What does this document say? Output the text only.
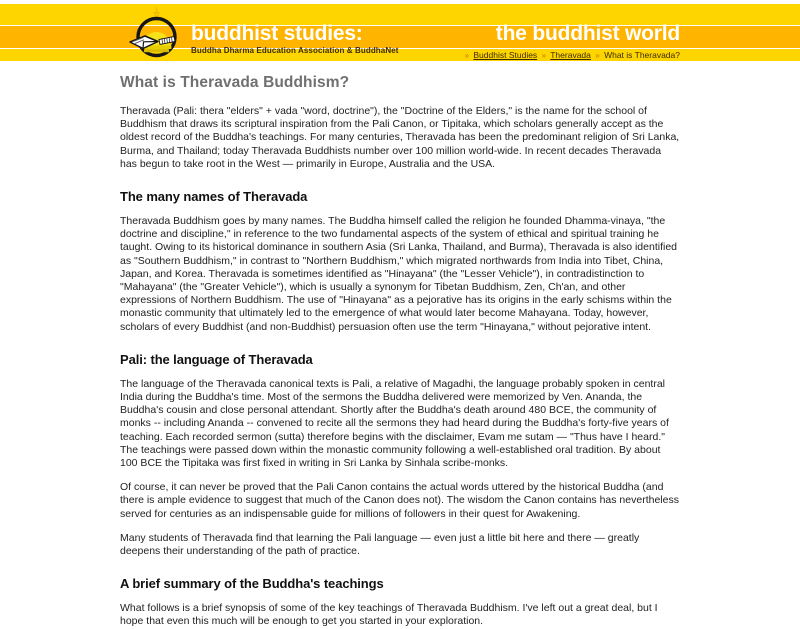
buddhist studies:
Buddha Dharma Education Association & BuddhaNet
the buddhist world
» Buddhist Studies » Theravada » What is Theravada?
What is Theravada Buddhism?

Theravada (Pali: thera "elders" + vada "word, doctrine"), the "Doctrine of the Elders," is the name for the school of Buddhism that draws its scriptural inspiration from the Pali Canon, or Tipitaka, which scholars generally accept as the oldest record of the Buddha's teachings. For many centuries, Theravada has been the predominant religion of Sri Lanka, Burma, and Thailand; today Theravada Buddhists number over 100 million world-wide. In recent decades Theravada has begun to take root in the West — primarily in Europe, Australia and the USA.

The many names of Theravada

Theravada Buddhism goes by many names. The Buddha himself called the religion he founded Dhamma-vinaya, "the doctrine and discipline," in reference to the two fundamental aspects of the system of ethical and spiritual training he taught. Owing to its historical dominance in southern Asia (Sri Lanka, Thailand, and Burma), Theravada is also identified as "Southern Buddhism," in contrast to "Northern Buddhism," which migrated northwards from India into Tibet, China, Japan, and Korea. Theravada is sometimes identified as "Hinayana" (the "Lesser Vehicle"), in contradistinction to "Mahayana" (the "Greater Vehicle"), which is usually a synonym for Tibetan Buddhism, Zen, Ch'an, and other expressions of Northern Buddhism. The use of "Hinayana" as a pejorative has its origins in the early schisms within the monastic community that ultimately led to the emergence of what would later become Mahayana. Today, however, scholars of every Buddhist (and non-Buddhist) persuasion often use the term "Hinayana," without pejorative intent.

Pali: the language of Theravada

The language of the Theravada canonical texts is Pali, a relative of Magadhi, the language probably spoken in central India during the Buddha's time. Most of the sermons the Buddha delivered were memorized by Ven. Ananda, the Buddha's cousin and close personal attendant. Shortly after the Buddha's death around 480 BCE, the community of monks -- including Ananda -- convened to recite all the sermons they had heard during the Buddha's forty-five years of teaching. Each recorded sermon (sutta) therefore begins with the disclaimer, Evam me sutam — "Thus have I heard." The teachings were passed down within the monastic community following a well-established oral tradition. By about 100 BCE the Tipitaka was first fixed in writing in Sri Lanka by Sinhala scribe-monks.

Of course, it can never be proved that the Pali Canon contains the actual words uttered by the historical Buddha (and there is ample evidence to suggest that much of the Canon does not). The wisdom the Canon contains has nevertheless served for centuries as an indispensable guide for millions of followers in their quest for Awakening.

Many students of Theravada find that learning the Pali language — even just a little bit here and there — greatly deepens their understanding of the path of practice.

A brief summary of the Buddha's teachings

What follows is a brief synopsis of some of the key teachings of Theravada Buddhism. I've left out a great deal, but I hope that even this much will be enough to get you started in your exploration.
